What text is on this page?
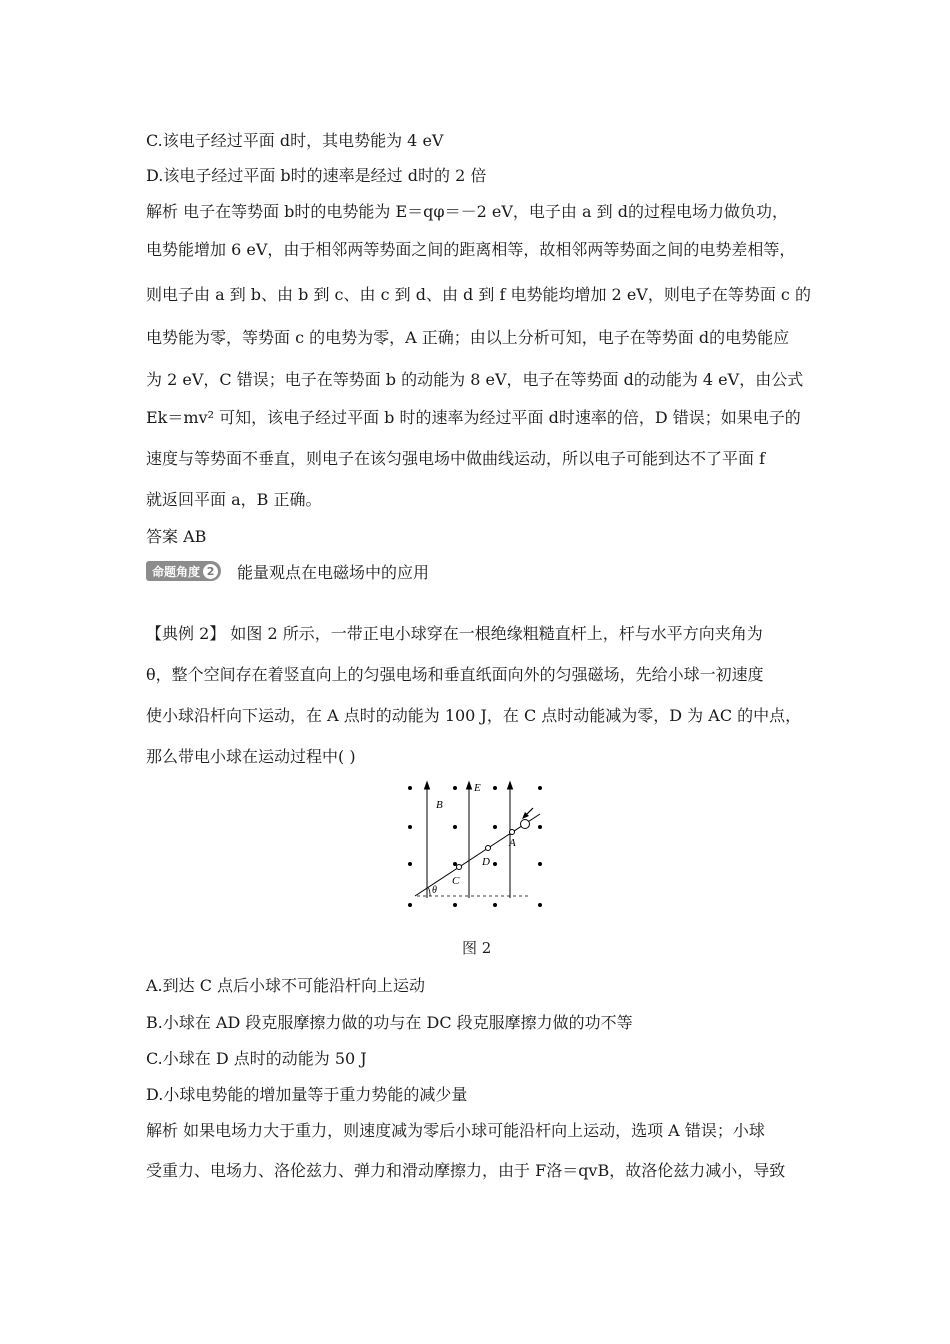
C.该电子经过平面 d时，其电势能为 4 eV
D.该电子经过平面 b时的速率是经过 d时的 2 倍
解析 电子在等势面 b时的电势能为 E＝qφ＝－2 eV，电子由 a 到 d的过程电场力做负功，
电势能增加 6 eV，由于相邻两等势面之间的距离相等，故相邻两等势面之间的电势差相等，
则电子由 a 到 b、由 b 到 c、由 c 到 d、由 d 到 f 电势能均增加 2 eV，则电子在等势面 c 的
电势能为零，等势面 c 的电势为零，A 正确；由以上分析可知，电子在等势面 d的电势能应
为 2 eV，C 错误；电子在等势面 b 的动能为 8 eV，电子在等势面 d的动能为 4 eV，由公式
Ek＝mv² 可知，该电子经过平面 b 时的速率为经过平面 d时速率的倍，D 错误；如果电子的
速度与等势面不垂直，则电子在该匀强电场中做曲线运动，所以电子可能到达不了平面 f
就返回平面 a，B 正确。
答案 AB
命题角度 2 能量观点在电磁场中的应用
【典例 2】 如图 2 所示，一带正电小球穿在一根绝缘粗糙直杆上，杆与水平方向夹角为
θ，整个空间存在着竖直向上的匀强电场和垂直纸面向外的匀强磁场，先给小球一初速度
使小球沿杆向下运动，在 A 点时的动能为 100 J，在 C 点时动能减为零，D 为 AC 的中点，
那么带电小球在运动过程中( )
B
E
A
D
C
θ
图 2
A.到达 C 点后小球不可能沿杆向上运动
B.小球在 AD 段克服摩擦力做的功与在 DC 段克服摩擦力做的功不等
C.小球在 D 点时的动能为 50 J
D.小球电势能的增加量等于重力势能的减少量
解析 如果电场力大于重力，则速度减为零后小球可能沿杆向上运动，选项 A 错误；小球
受重力、电场力、洛伦兹力、弹力和滑动摩擦力，由于 F洛＝qvB，故洛伦兹力减小，导致
